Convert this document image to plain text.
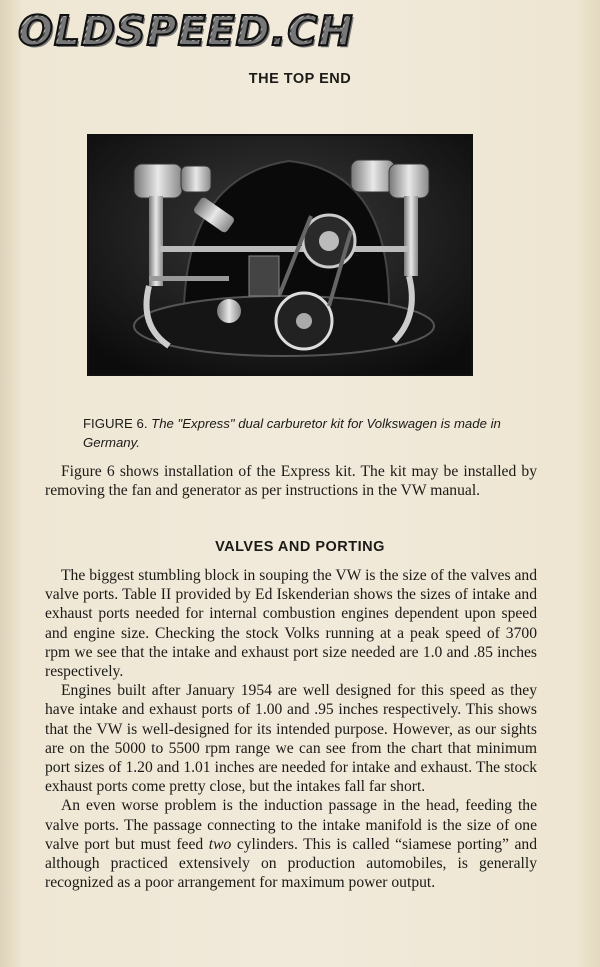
OLDSPEED.CH
THE TOP END
FIGURE 6. The "Express" dual carburetor kit for Volkswagen is made in Germany.

Figure 6 shows installation of the Express kit. The kit may be installed by removing the fan and generator as per instructions in the VW manual.

VALVES AND PORTING

The biggest stumbling block in souping the VW is the size of the valves and valve ports. Table II provided by Ed Iskenderian shows the sizes of intake and exhaust ports needed for internal combustion engines dependent upon speed and engine size. Checking the stock Volks running at a peak speed of 3700 rpm we see that the intake and exhaust port size needed are 1.0 and .85 inches respectively.

Engines built after January 1954 are well designed for this speed as they have intake and exhaust ports of 1.00 and .95 inches respectively. This shows that the VW is well-designed for its intended purpose. However, as our sights are on the 5000 to 5500 rpm range we can see from the chart that minimum port sizes of 1.20 and 1.01 inches are needed for intake and exhaust. The stock exhaust ports come pretty close, but the intakes fall far short.

An even worse problem is the induction passage in the head, feeding the valve ports. The passage connecting to the intake manifold is the size of one valve port but must feed two cylinders. This is called “siamese porting” and although practiced extensively on production automobiles, is generally recognized as a poor arrangement for maximum power output.
